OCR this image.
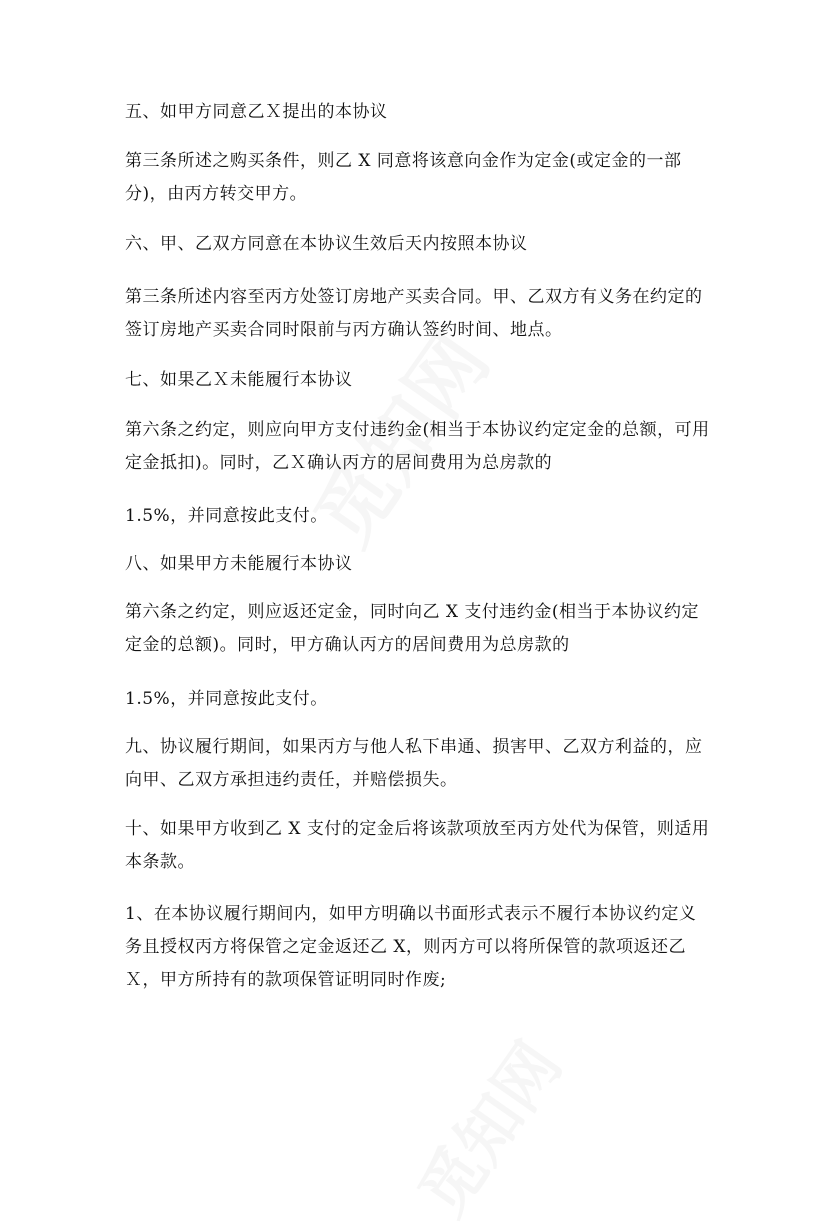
五、如甲方同意乙Ｘ提出的本协议

第三条所述之购买条件，则乙 X 同意将该意向金作为定金(或定金的一部分)，由丙方转交甲方。

六、甲、乙双方同意在本协议生效后天内按照本协议

第三条所述内容至丙方处签订房地产买卖合同。甲、乙双方有义务在约定的签订房地产买卖合同时限前与丙方确认签约时间、地点。

七、如果乙Ｘ未能履行本协议

第六条之约定，则应向甲方支付违约金(相当于本协议约定定金的总额，可用定金抵扣)。同时，乙Ｘ确认丙方的居间费用为总房款的

1.5%，并同意按此支付。

八、如果甲方未能履行本协议

第六条之约定，则应返还定金，同时向乙 X 支付违约金(相当于本协议约定定金的总额)。同时，甲方确认丙方的居间费用为总房款的

1.5%，并同意按此支付。

九、协议履行期间，如果丙方与他人私下串通、损害甲、乙双方利益的，应向甲、乙双方承担违约责任，并赔偿损失。

十、如果甲方收到乙 X 支付的定金后将该款项放至丙方处代为保管，则适用本条款。

1、在本协议履行期间内，如甲方明确以书面形式表示不履行本协议约定义务且授权丙方将保管之定金返还乙 X，则丙方可以将所保管的款项返还乙Ｘ，甲方所持有的款项保管证明同时作废;
